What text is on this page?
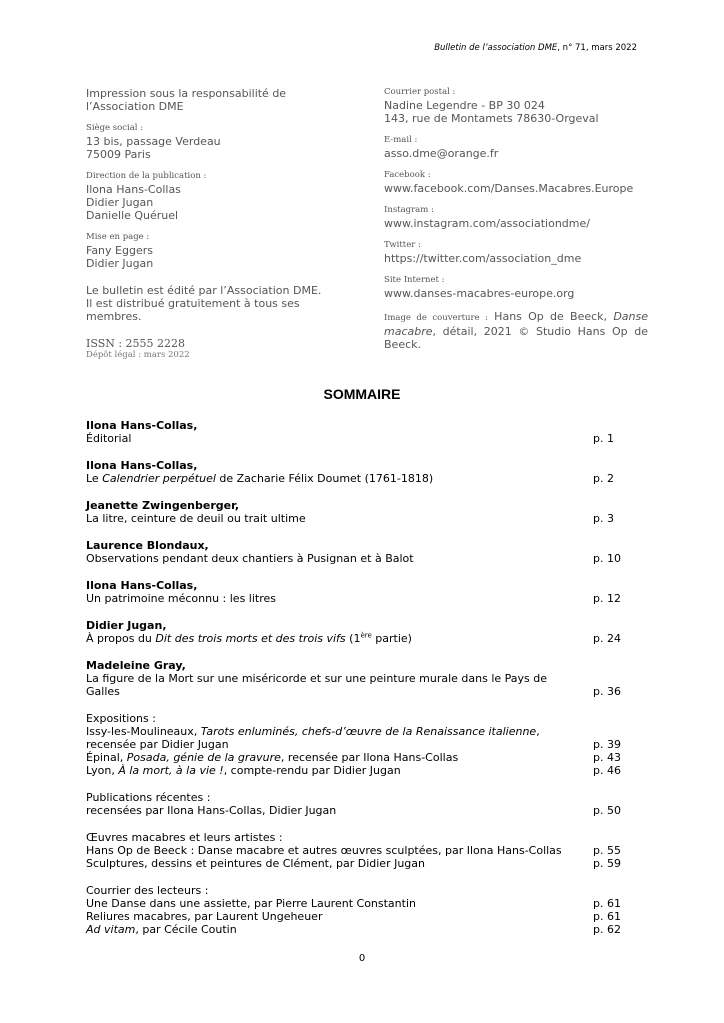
Bulletin de l’association DME, n° 71, mars 2022
Impression sous la responsabilité de
l’Association DME
Siège social :
13 bis, passage Verdeau
75009 Paris
Direction de la publication :
Ilona Hans-Collas
Didier Jugan
Danielle Quéruel
Mise en page :
Fany Eggers
Didier Jugan
Le bulletin est édité par l’Association DME.
Il est distribué gratuitement à tous ses
membres.
ISSN : 2555 2228
Dépôt légal : mars 2022
Courrier postal :
Nadine Legendre - BP 30 024
143, rue de Montamets 78630-Orgeval
E-mail :
asso.dme@orange.fr
Facebook :
www.facebook.com/Danses.Macabres.Europe
Instagram :
www.instagram.com/associationdme/
Twitter :
https://twitter.com/association_dme
Site Internet :
www.danses-macabres-europe.org
Image de couverture : Hans Op de Beeck, Danse macabre, détail, 2021 © Studio Hans Op de Beeck.
SOMMAIRE
Ilona Hans-Collas,
Éditorial	p. 1
Ilona Hans-Collas,
Le Calendrier perpétuel de Zacharie Félix Doumet (1761-1818)	p. 2
Jeanette Zwingenberger,
La litre, ceinture de deuil ou trait ultime	p. 3
Laurence Blondaux,
Observations pendant deux chantiers à Pusignan et à Balot	p. 10
Ilona Hans-Collas,
Un patrimoine méconnu : les litres	p. 12
Didier Jugan,
À propos du Dit des trois morts et des trois vifs (1ère partie)	p. 24
Madeleine Gray,
La figure de la Mort sur une miséricorde et sur une peinture murale dans le Pays de
Galles	p. 36
Expositions :
Issy-les-Moulineaux, Tarots enluminés, chefs-d’œuvre de la Renaissance italienne,
recensée par Didier Jugan	p. 39
Épinal, Posada, génie de la gravure, recensée par Ilona Hans-Collas	p. 43
Lyon, À la mort, à la vie !, compte-rendu par Didier Jugan	p. 46
Publications récentes :
recensées par Ilona Hans-Collas, Didier Jugan	p. 50
Œuvres macabres et leurs artistes :
Hans Op de Beeck : Danse macabre et autres œuvres sculptées, par Ilona Hans-Collas	p. 55
Sculptures, dessins et peintures de Clément, par Didier Jugan	p. 59
Courrier des lecteurs :
Une Danse dans une assiette, par Pierre Laurent Constantin	p. 61
Reliures macabres, par Laurent Ungeheuer	p. 61
Ad vitam, par Cécile Coutin	p. 62
0
